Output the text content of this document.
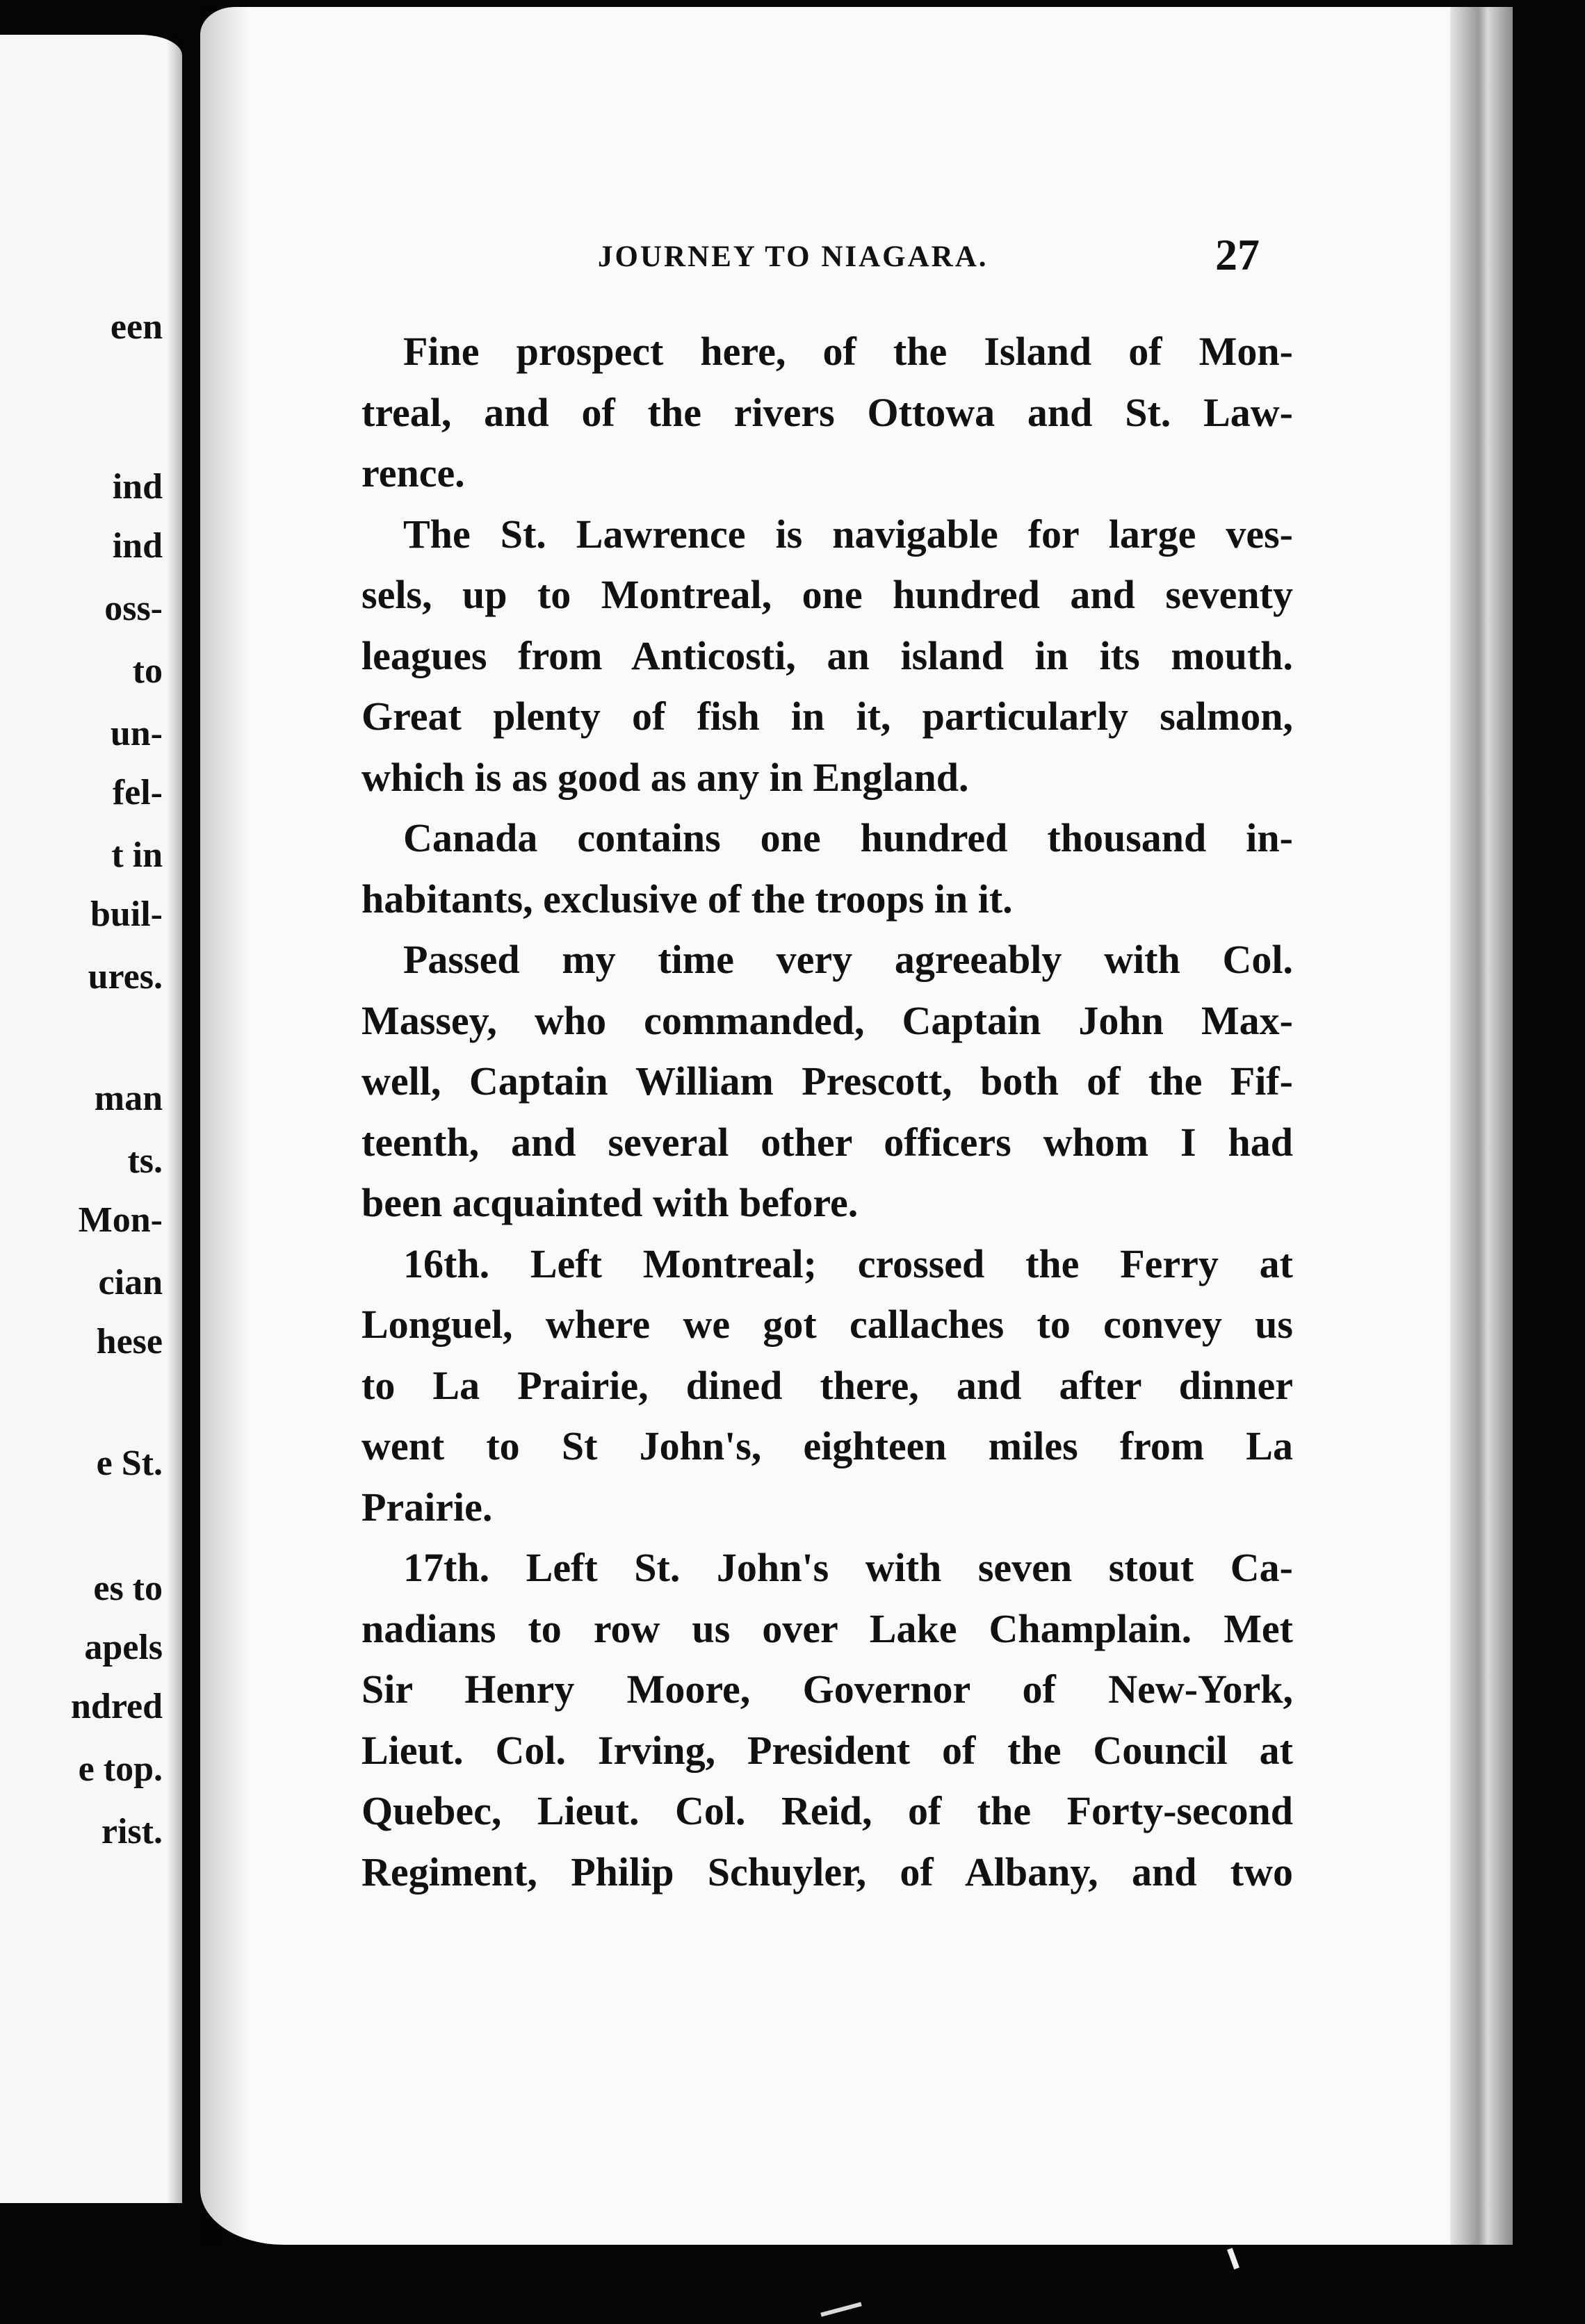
een
ind
ind
oss-
to
un-
fel-
t in
buil-
ures.
man
ts.
Mon-
cian
hese
e St.
es to
apels
ndred
e top.
rist.
JOURNEY TO NIAGARA.	27
Fine prospect here, of the Island of Mon-
treal, and of the rivers Ottowa and St. Law-
rence.
The St. Lawrence is navigable for large ves-
sels, up to Montreal, one hundred and seventy
leagues from Anticosti, an island in its mouth.
Great plenty of fish in it, particularly salmon,
which is as good as any in England.
Canada contains one hundred thousand in-
habitants, exclusive of the troops in it.
Passed my time very agreeably with Col.
Massey, who commanded, Captain John Max-
well, Captain William Prescott, both of the Fif-
teenth, and several other officers whom I had
been acquainted with before.
16th. Left Montreal; crossed the Ferry at
Longuel, where we got callaches to convey us
to La Prairie, dined there, and after dinner
went to St John's, eighteen miles from La
Prairie.
17th. Left St. John's with seven stout Ca-
nadians to row us over Lake Champlain. Met
Sir Henry Moore, Governor of New-York,
Lieut. Col. Irving, President of the Council at
Quebec, Lieut. Col. Reid, of the Forty-second
Regiment, Philip Schuyler, of Albany, and two
